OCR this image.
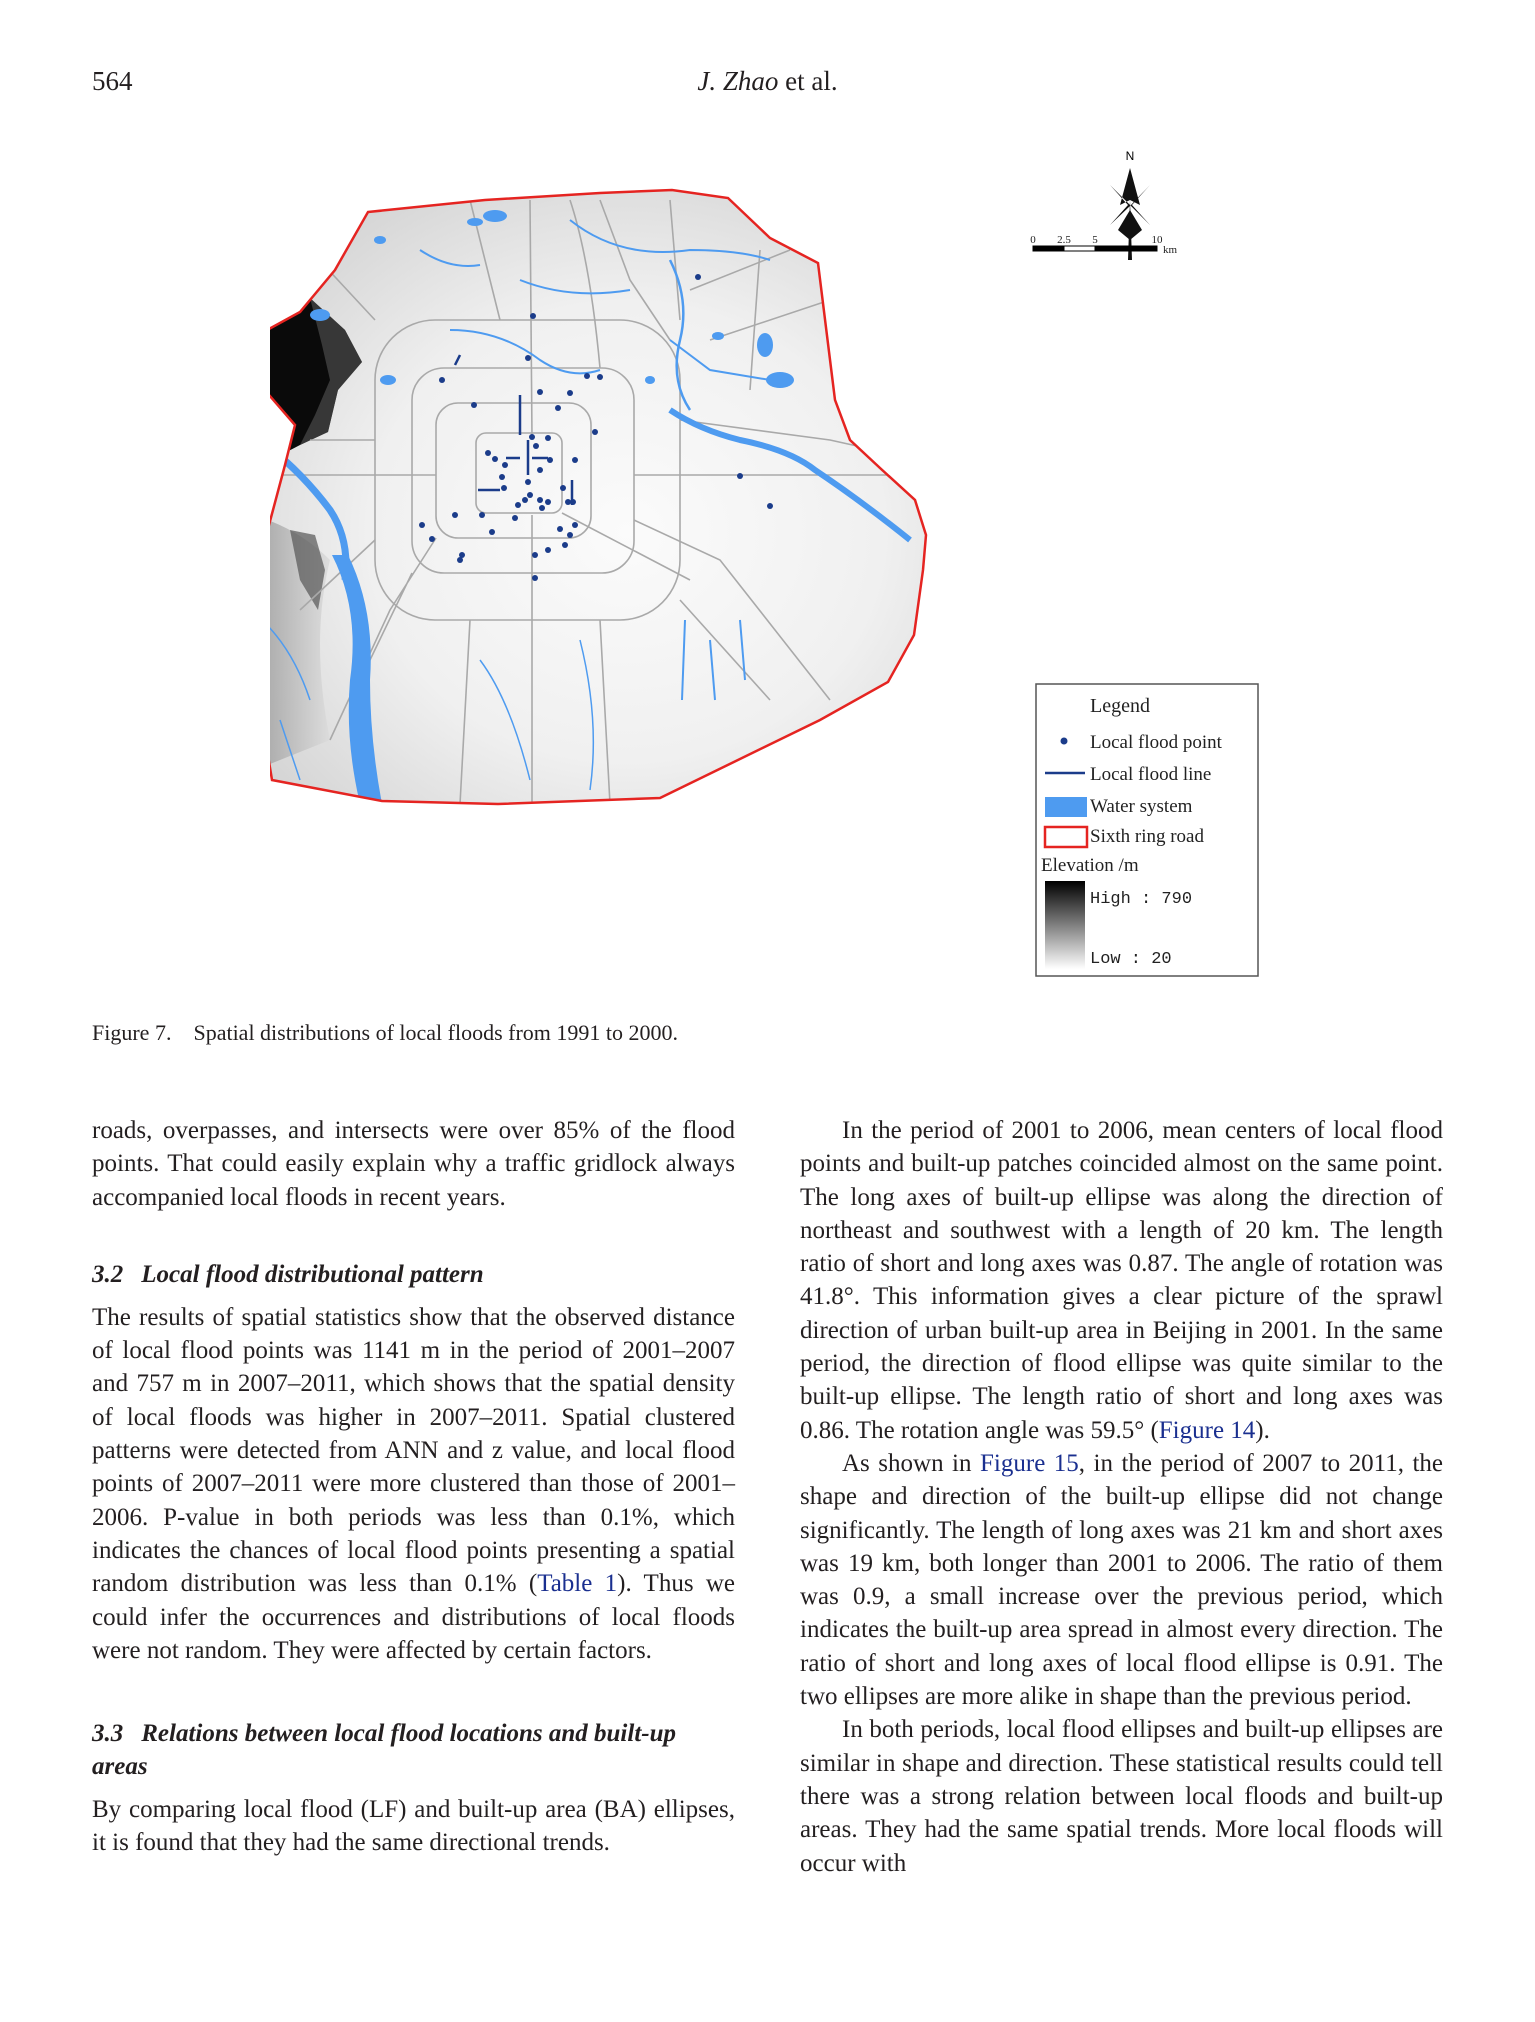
564	J. Zhao et al.
N
0 2.5 5	10
km
Legend
Local flood point
Local flood line
Water system
Sixth ring road
Elevation /m
High : 790
Low : 20
Figure 7. Spatial distributions of local floods from 1991 to 2000.

roads, overpasses, and intersects were over 85% of the flood points. That could easily explain why a traffic gridlock always accompanied local floods in recent years.

3.2 Local flood distributional pattern

The results of spatial statistics show that the observed distance of local flood points was 1141 m in the period of 2001–2007 and 757 m in 2007–2011, which shows that the spatial density of local floods was higher in 2007–2011. Spatial clustered patterns were detected from ANN and z value, and local flood points of 2007–2011 were more clustered than those of 2001–2006. P-value in both periods was less than 0.1%, which indicates the chances of local flood points presenting a spatial random distribution was less than 0.1% (Table 1). Thus we could infer the occurrences and distributions of local floods were not random. They were affected by certain factors.

3.3 Relations between local flood locations and built-up areas

By comparing local flood (LF) and built-up area (BA) ellipses, it is found that they had the same directional trends.

In the period of 2001 to 2006, mean centers of local flood points and built-up patches coincided almost on the same point. The long axes of built-up ellipse was along the direction of northeast and southwest with a length of 20 km. The length ratio of short and long axes was 0.87. The angle of rotation was 41.8°. This information gives a clear picture of the sprawl direction of urban built-up area in Beijing in 2001. In the same period, the direction of flood ellipse was quite similar to the built-up ellipse. The length ratio of short and long axes was 0.86. The rotation angle was 59.5° (Figure 14).

As shown in Figure 15, in the period of 2007 to 2011, the shape and direction of the built-up ellipse did not change significantly. The length of long axes was 21 km and short axes was 19 km, both longer than 2001 to 2006. The ratio of them was 0.9, a small increase over the previous period, which indicates the built-up area spread in almost every direction. The ratio of short and long axes of local flood ellipse is 0.91. The two ellipses are more alike in shape than the previous period.

In both periods, local flood ellipses and built-up ellipses are similar in shape and direction. These statistical results could tell there was a strong relation between local floods and built-up areas. They had the same spatial trends. More local floods will occur with
